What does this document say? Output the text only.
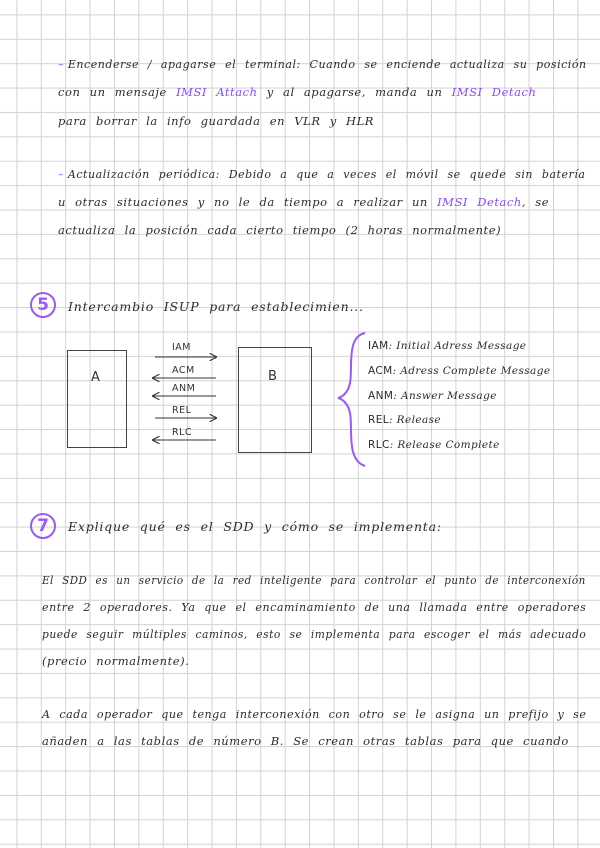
– Encenderse / apagarse el terminal: Cuando se enciende actualiza su posición
con un mensaje IMSI Attach y al apagarse, manda un IMSI Detach
para borrar la info guardada en VLR y HLR
– Actualización periódica: Debido a que a veces el móvil se quede sin batería
u otras situaciones y no le da tiempo a realizar un IMSI Detach, se
actualiza la posición cada cierto tiempo (2 horas normalmente)
5	Intercambio ISUP para establecimien...
A	B
IAM
ACM
ANM
REL
RLC
IAM: Initial Adress Message
ACM: Adress Complete Message
ANM: Answer Message
REL: Release
RLC: Release Complete
7	Explique qué es el SDD y cómo se implementa:
El SDD es un servicio de la red inteligente para controlar el punto de interconexión
entre 2 operadores. Ya que el encaminamiento de una llamada entre operadores
puede seguir múltiples caminos, esto se implementa para escoger el más adecuado
(precio normalmente).
A cada operador que tenga interconexión con otro se le asigna un prefijo y se
añaden a las tablas de número B. Se crean otras tablas para que cuando
